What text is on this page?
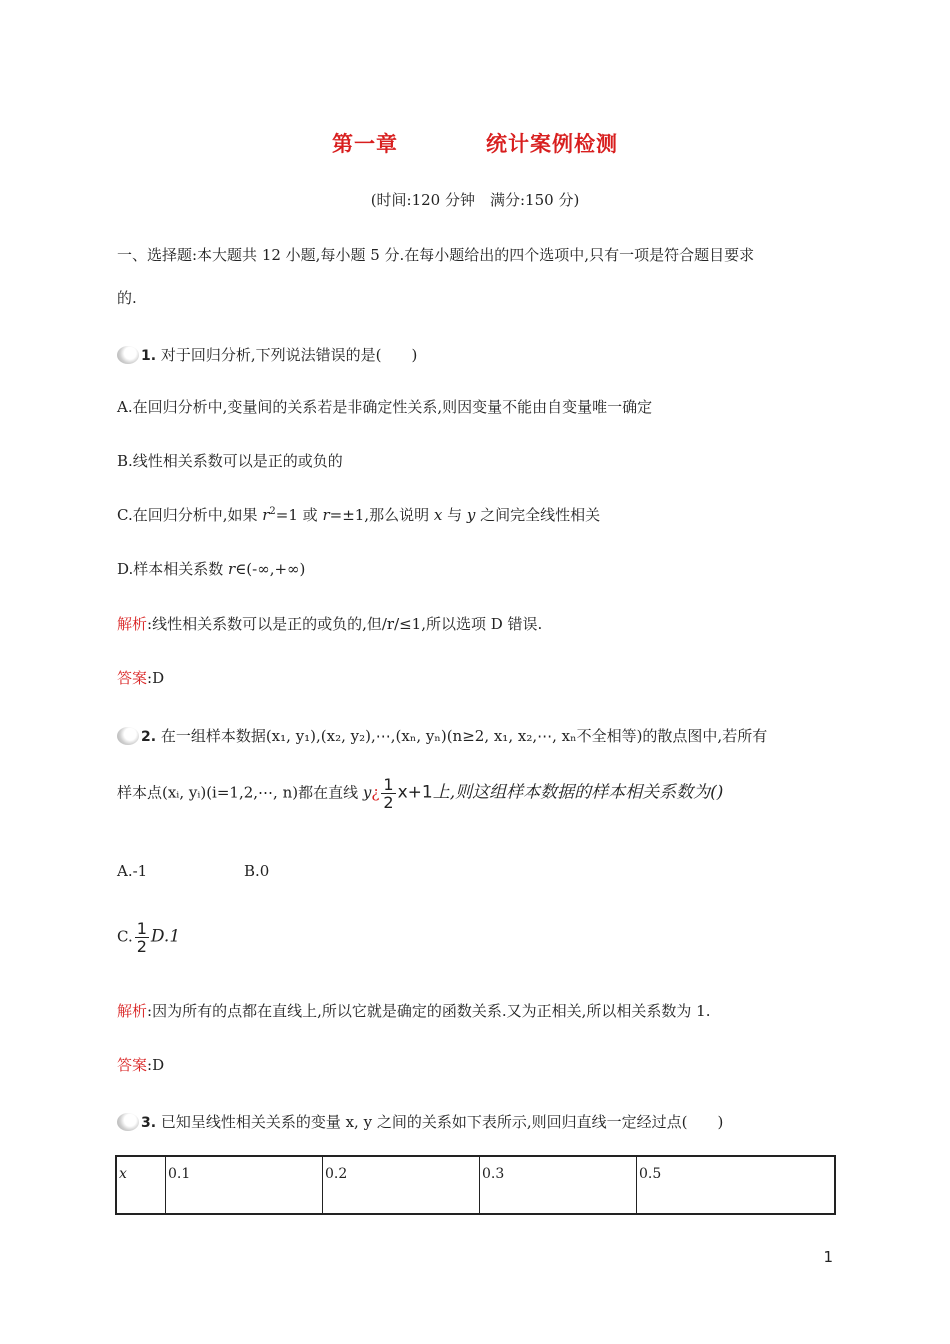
第一章	统计案例检测
(时间:120 分钟　满分:150 分)
一、选择题:本大题共 12 小题,每小题 5 分.在每小题给出的四个选项中,只有一项是符合题目要求
的.
1. 对于回归分析,下列说法错误的是(　　)
A.在回归分析中,变量间的关系若是非确定性关系,则因变量不能由自变量唯一确定
B.线性相关系数可以是正的或负的
C.在回归分析中,如果 $r^2=1$ 或 r=±1,那么说明 x 与 y 之间完全线性相关
D.样本相关系数 r∈(-∞,+∞)
解析:线性相关系数可以是正的或负的,但/r/≤1,所以选项 D 错误.
答案:D
2. 在一组样本数据(x₁, y₁),(x₂, y₂),⋯,(xₙ, yₙ)(n≥2, x₁, x₂,⋯, xₙ不全相等)的散点图中,若所有
样本点(xᵢ, yᵢ)(i=1,2,⋯, n)都在直线 y¿ $\frac{1}{2} x+1$上,则这组样本数据的样本相关系数为()
A.-1	B.0
C. $\frac{1}{2} D.1$
解析:因为所有的点都在直线上,所以它就是确定的函数关系.又为正相关,所以相关系数为 1.
答案:D
3. 已知呈线性相关关系的变量 x, y 之间的关系如下表所示,则回归直线一定经过点(　　)
x	0.1	0.2	0.3	0.5
1
